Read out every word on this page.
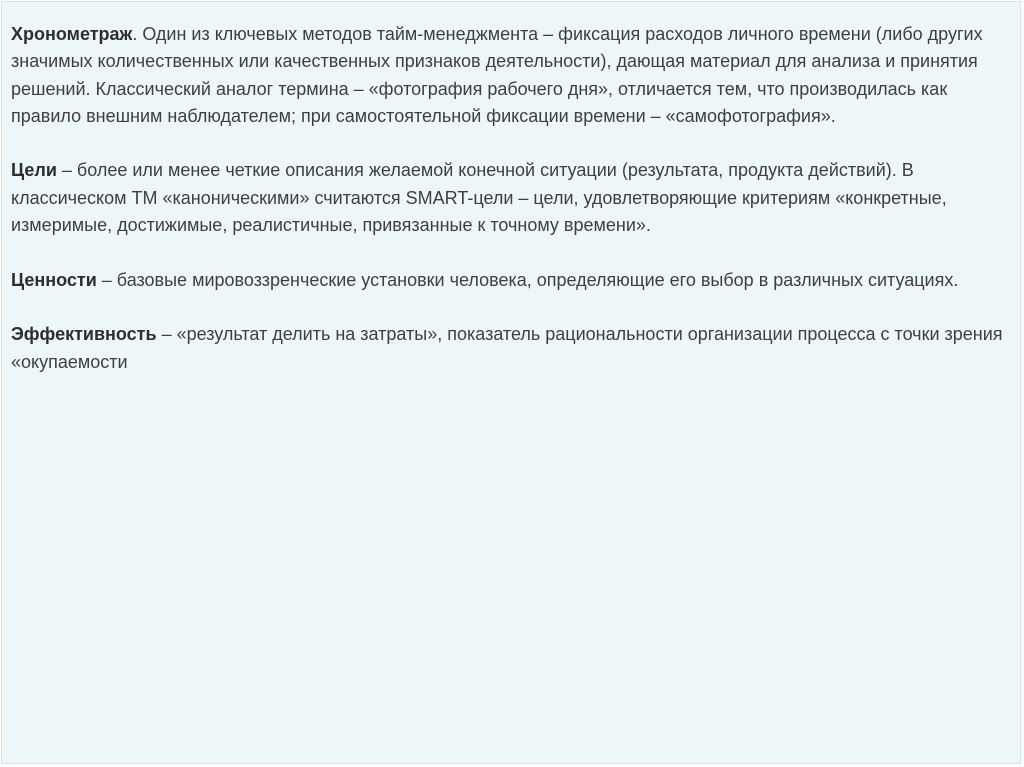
Хронометраж. Один из ключевых методов тайм-менеджмента – фиксация расходов личного времени (либо других значимых количественных или качественных признаков деятельности), дающая материал для анализа и принятия решений. Классический аналог термина – «фотография рабочего дня», отличается тем, что производилась как правило внешним наблюдателем; при самостоятельной фиксации времени – «самофотография».

Цели – более или менее четкие описания желаемой конечной ситуации (результата, продукта действий). В классическом ТМ «каноническими» считаются SMART-цели – цели, удовлетворяющие критериям «конкретные, измеримые, достижимые, реалистичные, привязанные к точному времени».

Ценности – базовые мировоззренческие установки человека, определяющие его выбор в различных ситуациях.

Эффективность – «результат делить на затраты», показатель рациональности организации процесса с точки зрения «окупаемости
